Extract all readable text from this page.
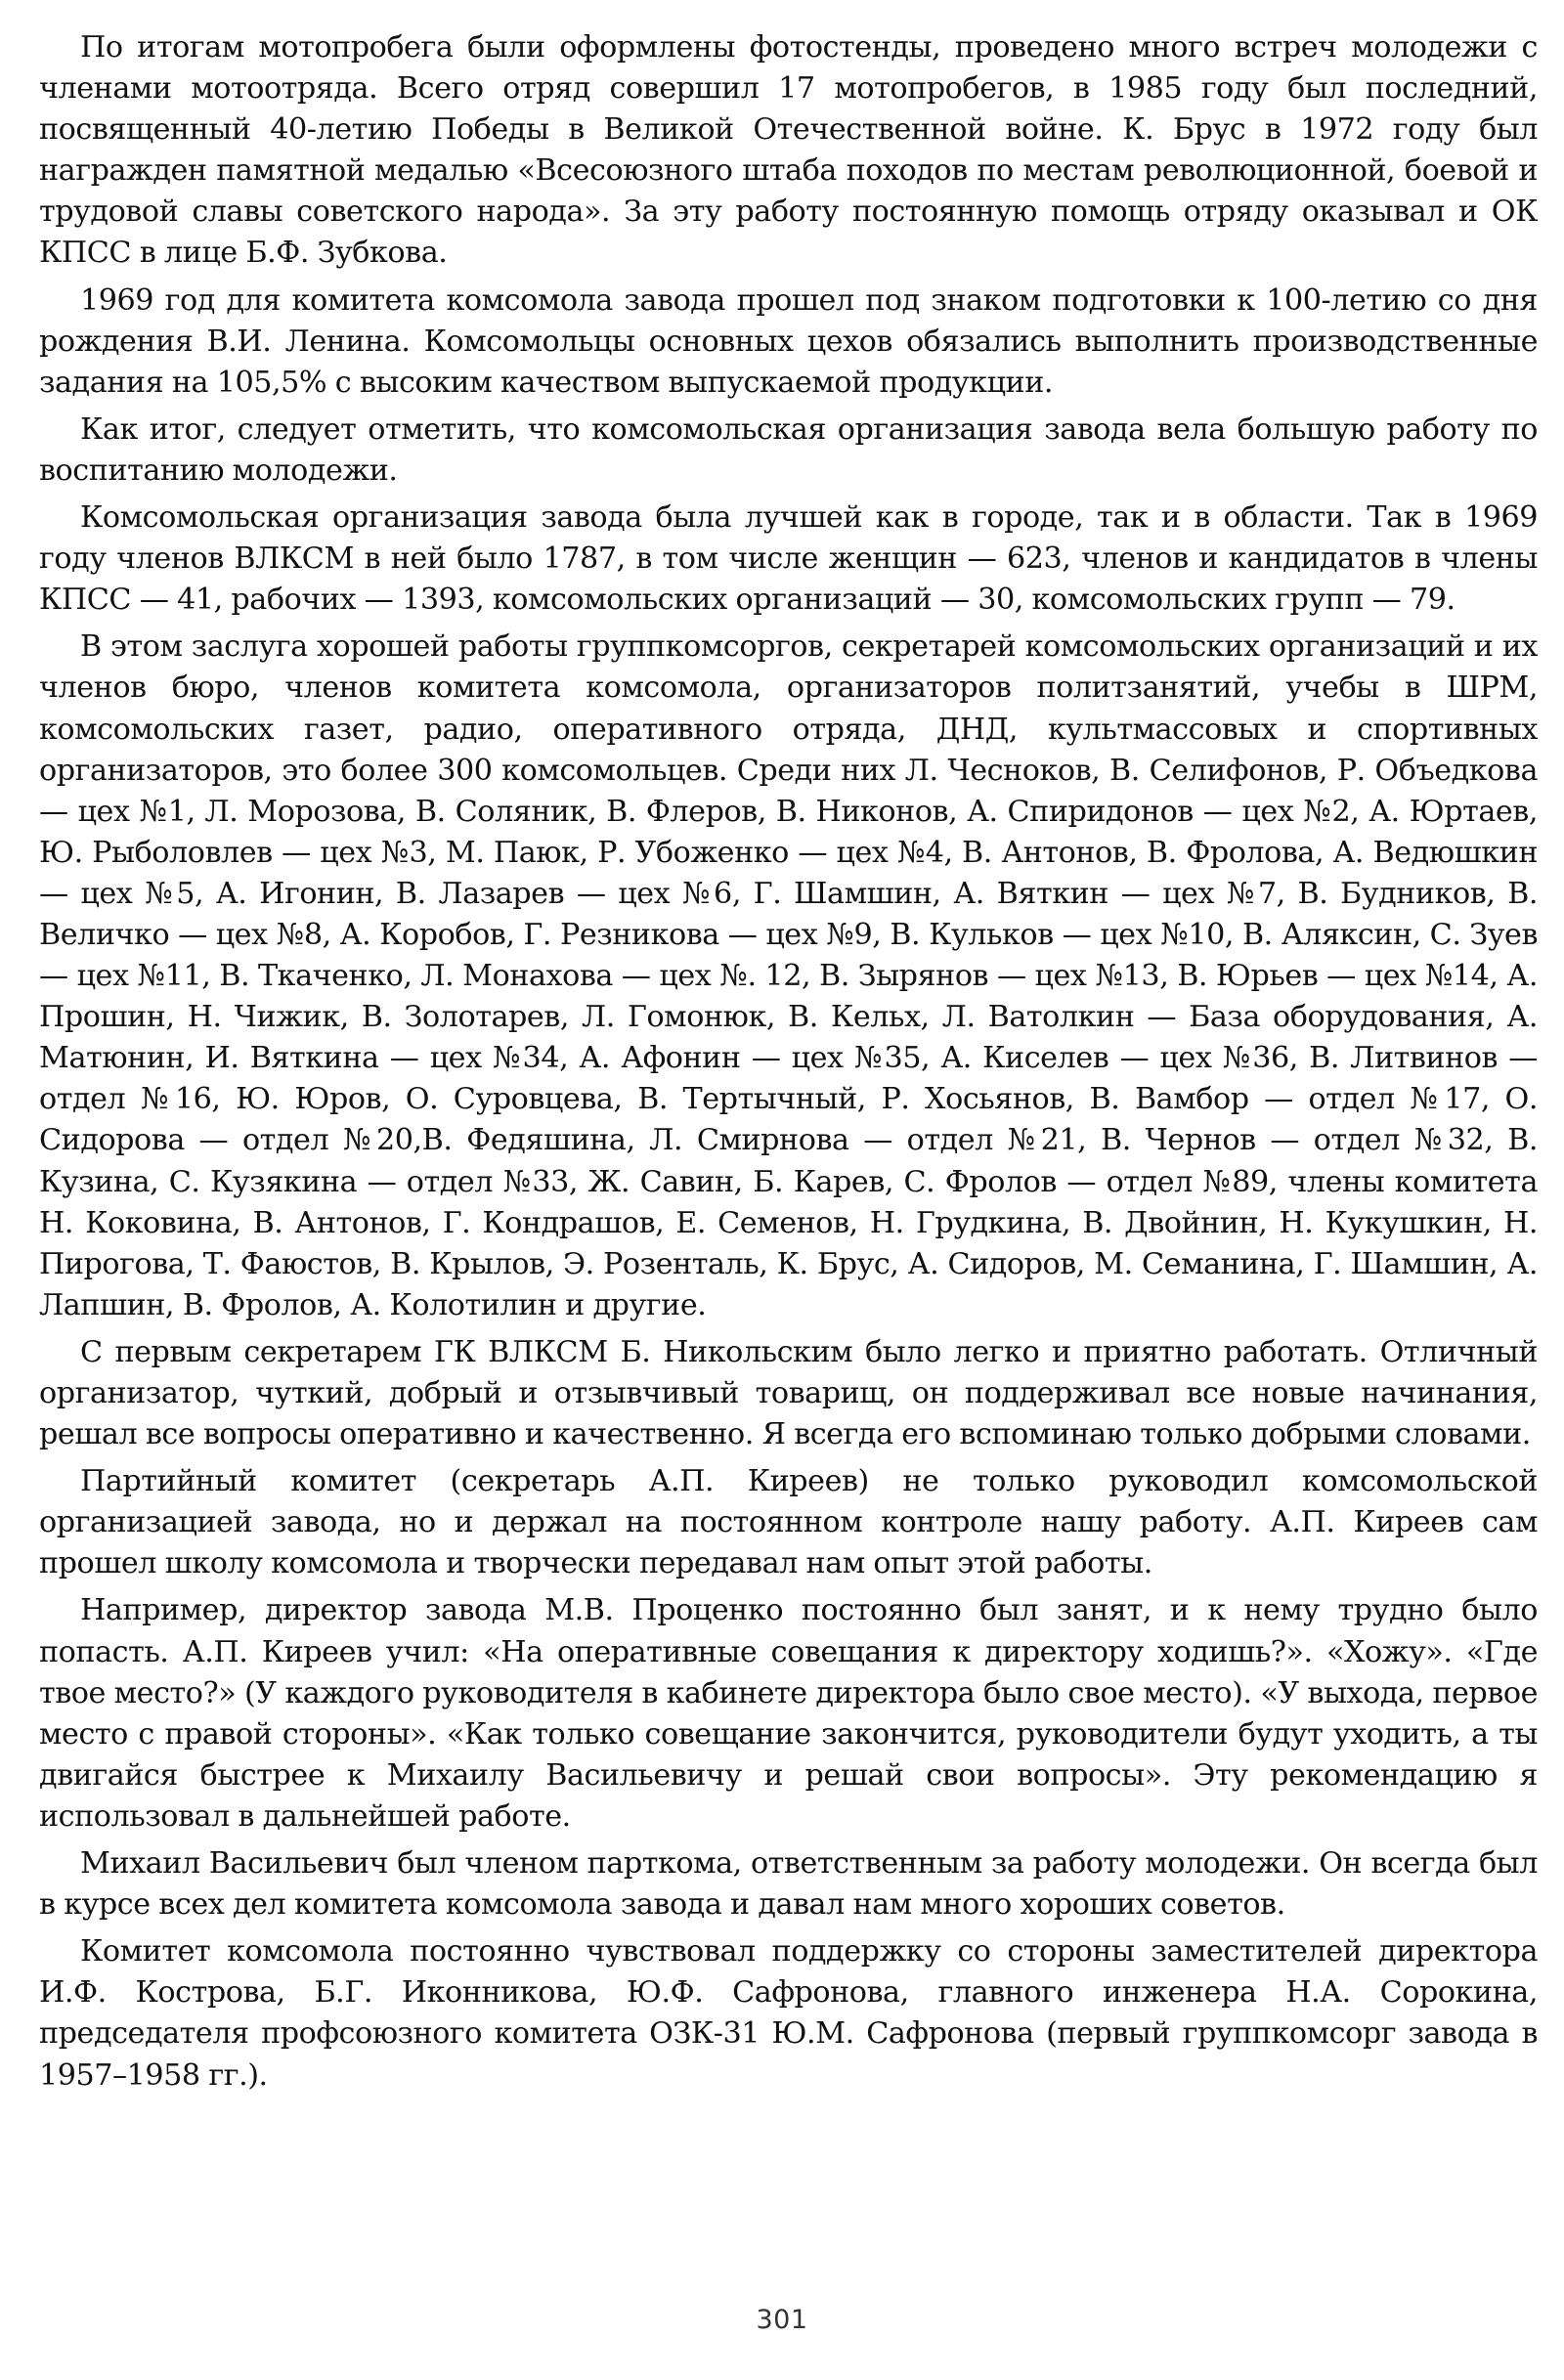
По итогам мотопробега были оформлены фотостенды, проведено много встреч молодежи с членами мотоотряда. Всего отряд совершил 17 мотопробегов, в 1985 году был последний, посвященный 40-летию Победы в Великой Отечественной войне. К. Брус в 1972 году был награжден памятной медалью «Всесоюзного штаба походов по местам революционной, боевой и трудовой славы советского народа». За эту работу постоянную помощь отряду оказывал и ОК КПСС в лице Б.Ф. Зубкова.

1969 год для комитета комсомола завода прошел под знаком подготовки к 100-летию со дня рождения В.И. Ленина. Комсомольцы основных цехов обязались выполнить производственные задания на 105,5% с высоким качеством выпускаемой продукции.

Как итог, следует отметить, что комсомольская организация завода вела большую работу по воспитанию молодежи.

Комсомольская организация завода была лучшей как в городе, так и в области. Так в 1969 году членов ВЛКСМ в ней было 1787, в том числе женщин — 623, членов и кандидатов в члены КПСС — 41, рабочих — 1393, комсомольских организаций — 30, комсомольских групп — 79.

В этом заслуга хорошей работы группкомсоргов, секретарей комсомольских организаций и их членов бюро, членов комитета комсомола, организаторов политзанятий, учебы в ШРМ, комсомольских газет, радио, оперативного отряда, ДНД, культмассовых и спортивных организаторов, это более 300 комсомольцев. Среди них Л. Чесноков, В. Селифонов, Р. Объедкова — цех №1, Л. Морозова, В. Соляник, В. Флеров, В. Никонов, А. Спиридонов — цех №2, А. Юртаев, Ю. Рыболовлев — цех №3, М. Паюк, Р. Убоженко — цех №4, В. Антонов, В. Фролова, А. Ведюшкин — цех №5, А. Игонин, В. Лазарев — цех №6, Г. Шамшин, А. Вяткин — цех №7, В. Будников, В. Величко — цех №8, А. Коробов, Г. Резникова — цех №9, В. Кульков — цех №10, В. Аляксин, С. Зуев — цех №11, В. Ткаченко, Л. Монахова — цех №. 12, В. Зырянов — цех №13, В. Юрьев — цех №14, А. Прошин, Н. Чижик, В. Золотарев, Л. Гомонюк, В. Кельх, Л. Ватолкин — База оборудования, А. Матюнин, И. Вяткина — цех №34, А. Афонин — цех №35, А. Киселев — цех №36, В. Литвинов — отдел №16, Ю. Юров, О. Суровцева, В. Тертычный, Р. Хосьянов, В. Вамбор — отдел №17, О. Сидорова — отдел №20,В. Федяшина, Л. Смирнова — отдел №21, В. Чернов — отдел №32, В. Кузина, С. Кузякина — отдел №33, Ж. Савин, Б. Карев, С. Фролов — отдел №89, члены комитета Н. Коковина, В. Антонов, Г. Кондрашов, Е. Семенов, Н. Грудкина, В. Двойнин, Н. Кукушкин, Н. Пирогова, Т. Фаюстов, В. Крылов, Э. Розенталь, К. Брус, А. Сидоров, М. Семанина, Г. Шамшин, А. Лапшин, В. Фролов, А. Колотилин и другие.

С первым секретарем ГК ВЛКСМ Б. Никольским было легко и приятно работать. Отличный организатор, чуткий, добрый и отзывчивый товарищ, он поддерживал все новые начинания, решал все вопросы оперативно и качественно. Я всегда его вспоминаю только добрыми словами.

Партийный комитет (секретарь А.П. Киреев) не только руководил комсомольской организацией завода, но и держал на постоянном контроле нашу работу. А.П. Киреев сам прошел школу комсомола и творчески передавал нам опыт этой работы.

Например, директор завода М.В. Проценко постоянно был занят, и к нему трудно было попасть. А.П. Киреев учил: «На оперативные совещания к директору ходишь?». «Хожу». «Где твое место?» (У каждого руководителя в кабинете директора было свое место). «У выхода, первое место с правой стороны». «Как только совещание закончится, руководители будут уходить, а ты двигайся быстрее к Михаилу Васильевичу и решай свои вопросы». Эту рекомендацию я использовал в дальнейшей работе.

Михаил Васильевич был членом парткома, ответственным за работу молодежи. Он всегда был в курсе всех дел комитета комсомола завода и давал нам много хороших советов.

Комитет комсомола постоянно чувствовал поддержку со стороны заместителей директора И.Ф. Кострова, Б.Г. Иконникова, Ю.Ф. Сафронова, главного инженера Н.А. Сорокина, председателя профсоюзного комитета ОЗК-31 Ю.М. Сафронова (первый группкомсорг завода в 1957–1958 гг.).

301
